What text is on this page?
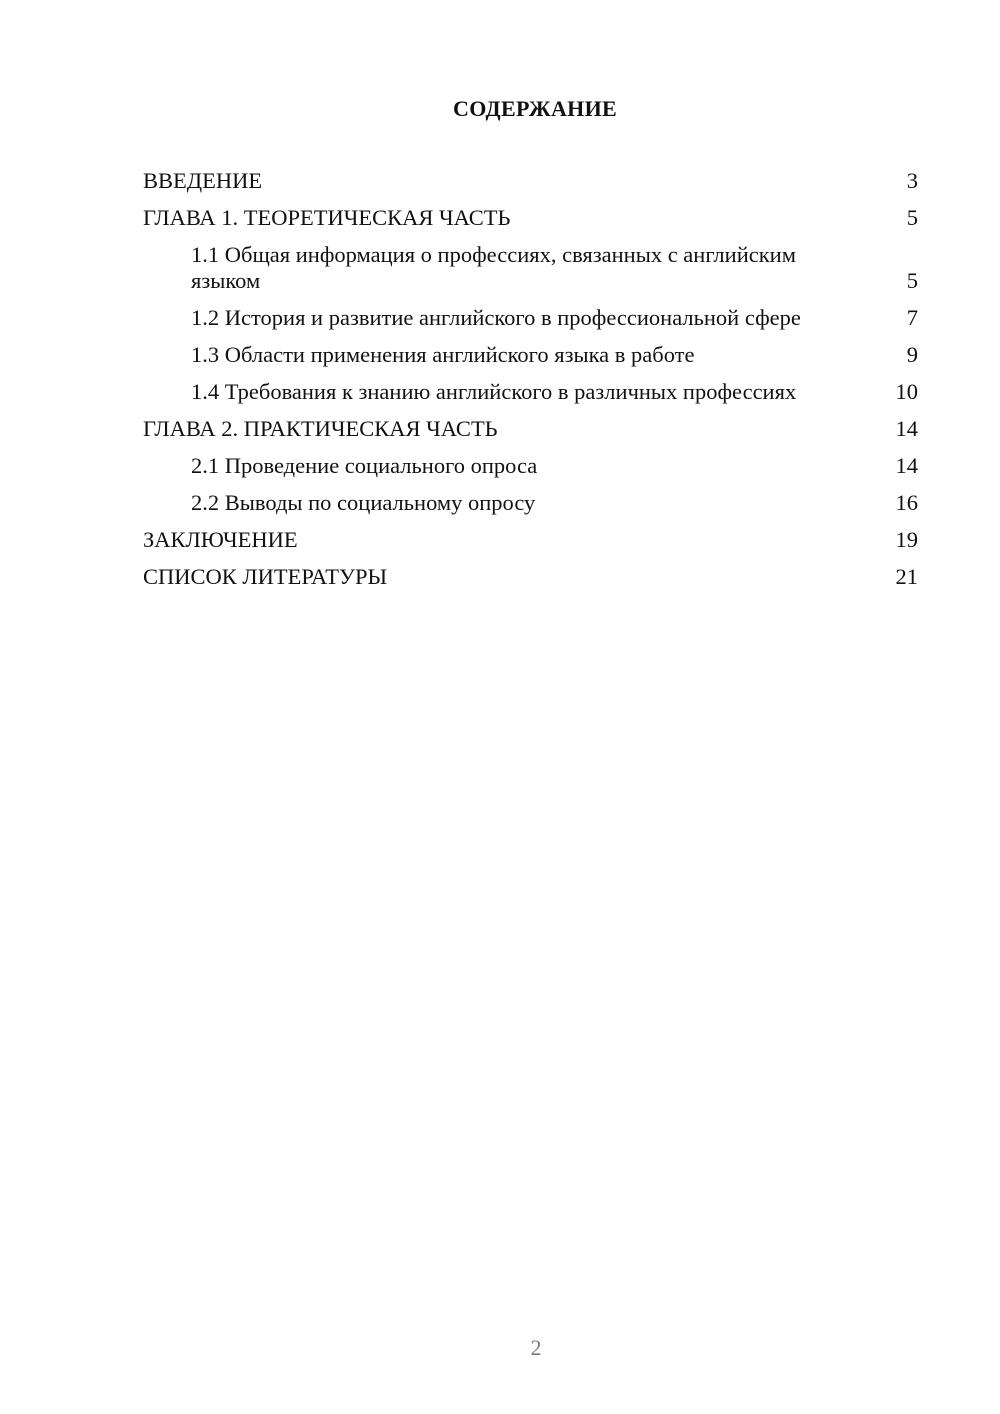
СОДЕРЖАНИЕ
ВВЕДЕНИЕ	3
ГЛАВА 1. ТЕОРЕТИЧЕСКАЯ ЧАСТЬ	5
1.1 Общая информация о профессиях, связанных с английским языком	5
1.2 История и развитие английского в профессиональной сфере	7
1.3 Области применения английского языка в работе	9
1.4 Требования к знанию английского в различных профессиях	10
ГЛАВА 2. ПРАКТИЧЕСКАЯ ЧАСТЬ	14
2.1 Проведение социального опроса	14
2.2 Выводы по социальному опросу	16
ЗАКЛЮЧЕНИЕ	19
СПИСОК ЛИТЕРАТУРЫ	21
2
